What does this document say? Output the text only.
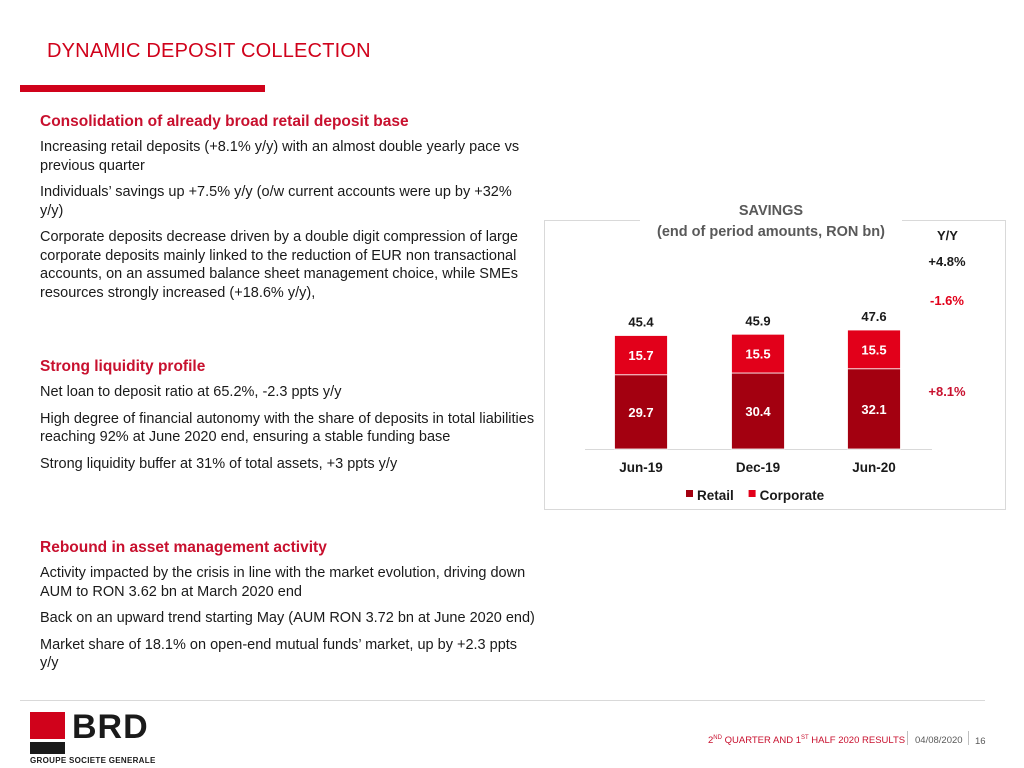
DYNAMIC DEPOSIT COLLECTION
Consolidation of already broad retail deposit base
Increasing retail deposits (+8.1% y/y) with an almost double yearly pace vs previous quarter
Individuals’ savings up +7.5% y/y (o/w current accounts were up by +32% y/y)
Corporate deposits decrease driven by a double digit compression of large corporate deposits mainly linked to the reduction of EUR non transactional accounts, on an assumed balance sheet management choice, while SMEs resources strongly increased (+18.6% y/y),
Strong liquidity profile
Net loan to deposit ratio at 65.2%, -2.3 ppts y/y
High degree of financial autonomy with the share of deposits in total liabilities reaching 92% at June 2020 end, ensuring a stable funding base
Strong liquidity buffer at 31% of total assets, +3 ppts y/y
Rebound in asset management activity
Activity impacted by the crisis in line with the market evolution, driving down AUM to RON 3.62 bn at March 2020 end
Back on an upward trend starting May (AUM RON 3.72 bn at June 2020 end)
Market share of 18.1% on open-end mutual funds’ market, up by +2.3 ppts y/y
29.7
15.7
45.4
Jun-19
30.4
15.5
45.9
Dec-19
32.1
15.5
47.6
Jun-20
+4.8%
-1.6%
+8.1%
Retail Corporate
SAVINGS
(end of period amounts, RON bn)	Y/Y
BRD
GROUPE SOCIETE GENERALE
2ND QUARTER AND 1ST HALF 2020 RESULTS 04/08/2020 16
